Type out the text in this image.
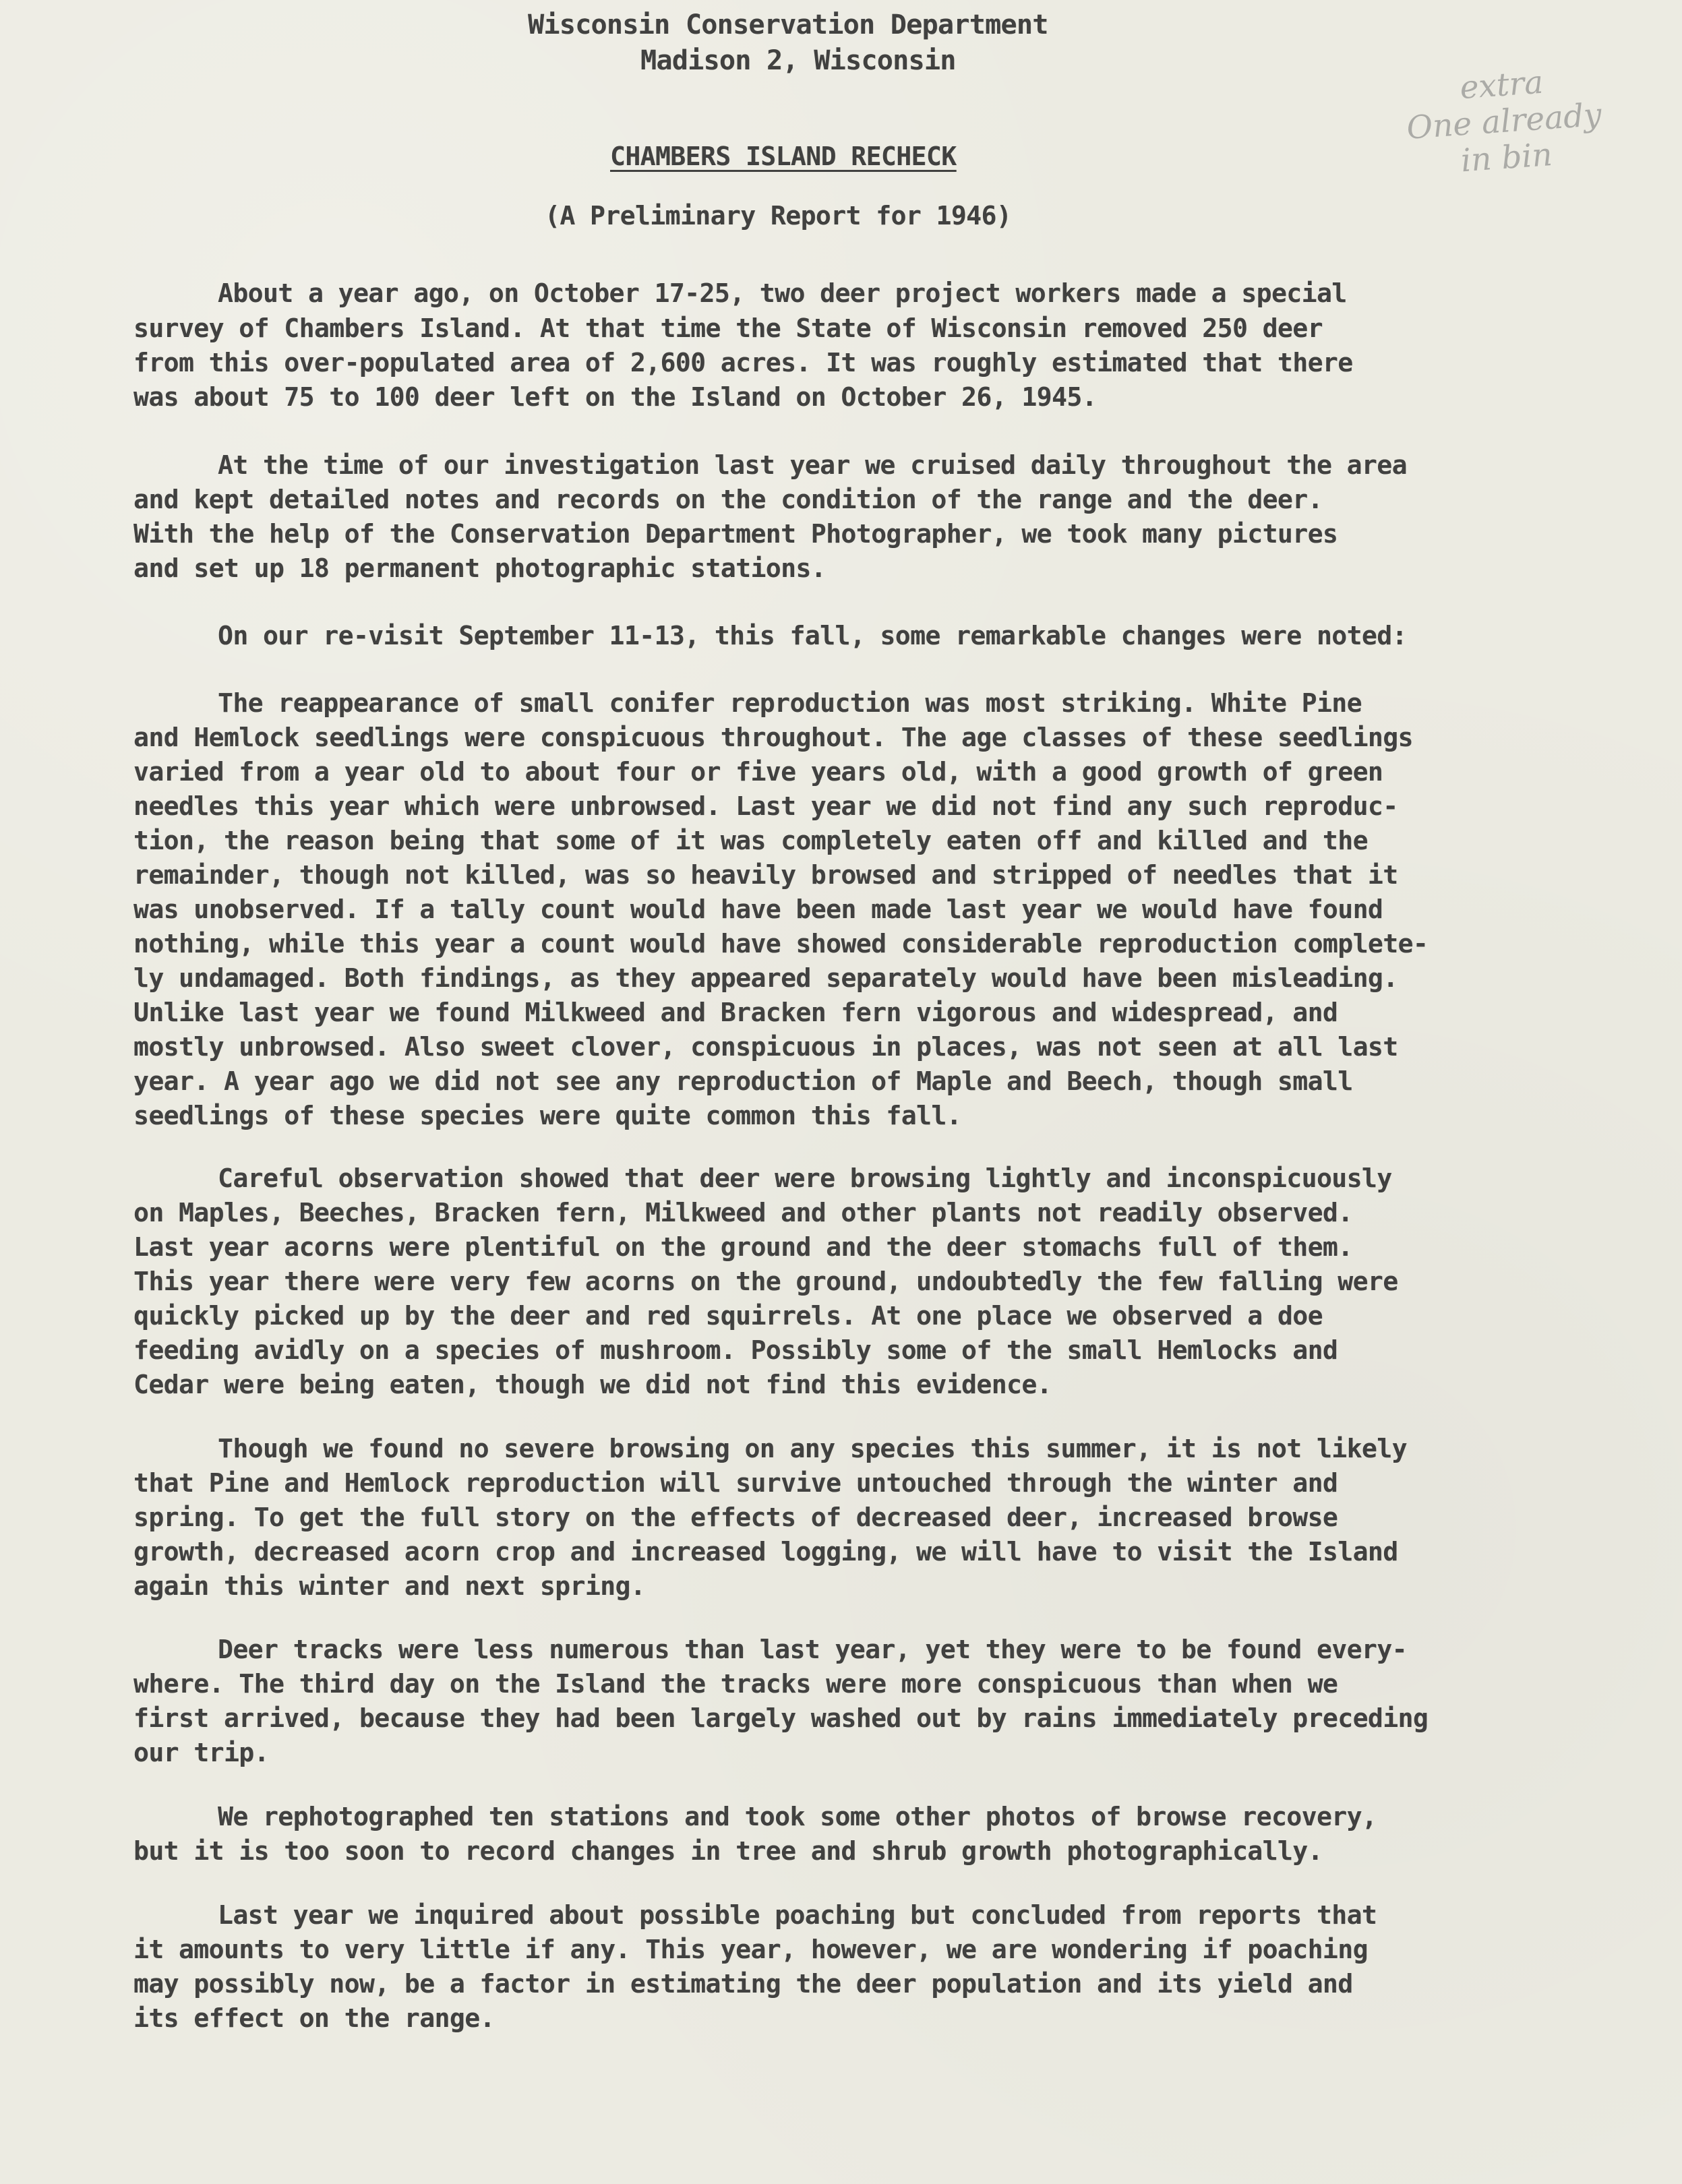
Wisconsin Conservation Department
Madison 2, Wisconsin
extra
One already
in bin
CHAMBERS ISLAND RECHECK
(A Preliminary Report for 1946)
About a year ago, on October 17-25, two deer project workers made a special
survey of Chambers Island. At that time the State of Wisconsin removed 250 deer
from this over-populated area of 2,600 acres. It was roughly estimated that there
was about 75 to 100 deer left on the Island on October 26, 1945.
At the time of our investigation last year we cruised daily throughout the area
and kept detailed notes and records on the condition of the range and the deer.
With the help of the Conservation Department Photographer, we took many pictures
and set up 18 permanent photographic stations.
On our re-visit September 11-13, this fall, some remarkable changes were noted:
The reappearance of small conifer reproduction was most striking. White Pine
and Hemlock seedlings were conspicuous throughout. The age classes of these seedlings
varied from a year old to about four or five years old, with a good growth of green
needles this year which were unbrowsed. Last year we did not find any such reproduc-
tion, the reason being that some of it was completely eaten off and killed and the
remainder, though not killed, was so heavily browsed and stripped of needles that it
was unobserved. If a tally count would have been made last year we would have found
nothing, while this year a count would have showed considerable reproduction complete-
ly undamaged. Both findings, as they appeared separately would have been misleading.
Unlike last year we found Milkweed and Bracken fern vigorous and widespread, and
mostly unbrowsed. Also sweet clover, conspicuous in places, was not seen at all last
year. A year ago we did not see any reproduction of Maple and Beech, though small
seedlings of these species were quite common this fall.
Careful observation showed that deer were browsing lightly and inconspicuously
on Maples, Beeches, Bracken fern, Milkweed and other plants not readily observed.
Last year acorns were plentiful on the ground and the deer stomachs full of them.
This year there were very few acorns on the ground, undoubtedly the few falling were
quickly picked up by the deer and red squirrels. At one place we observed a doe
feeding avidly on a species of mushroom. Possibly some of the small Hemlocks and
Cedar were being eaten, though we did not find this evidence.
Though we found no severe browsing on any species this summer, it is not likely
that Pine and Hemlock reproduction will survive untouched through the winter and
spring. To get the full story on the effects of decreased deer, increased browse
growth, decreased acorn crop and increased logging, we will have to visit the Island
again this winter and next spring.
Deer tracks were less numerous than last year, yet they were to be found every-
where. The third day on the Island the tracks were more conspicuous than when we
first arrived, because they had been largely washed out by rains immediately preceding
our trip.
We rephotographed ten stations and took some other photos of browse recovery,
but it is too soon to record changes in tree and shrub growth photographically.
Last year we inquired about possible poaching but concluded from reports that
it amounts to very little if any. This year, however, we are wondering if poaching
may possibly now, be a factor in estimating the deer population and its yield and
its effect on the range.
